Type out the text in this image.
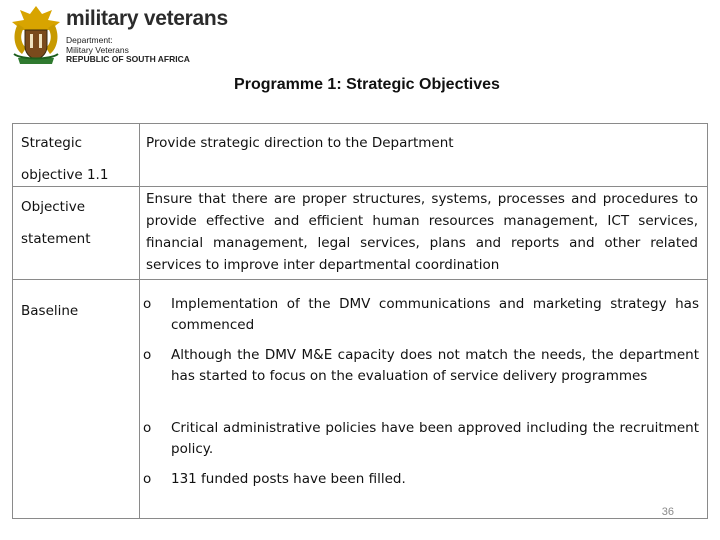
military veterans
Department:
Military Veterans
REPUBLIC OF SOUTH AFRICA
Programme 1: Strategic Objectives
Strategic
objective 1.1
Provide strategic direction to the Department
Objective
statement
Ensure that there are proper structures, systems, processes and procedures to provide effective and efficient human resources management, ICT services, financial management, legal services, plans and reports and other related services to improve inter departmental coordination
Baseline	o Implementation of the DMV communications and marketing strategy has commenced
o Although the DMV M&E capacity does not match the needs, the department has started to focus on the evaluation of service delivery programmes
o Critical administrative policies have been approved including the recruitment policy.
o 131 funded posts have been filled.
36
